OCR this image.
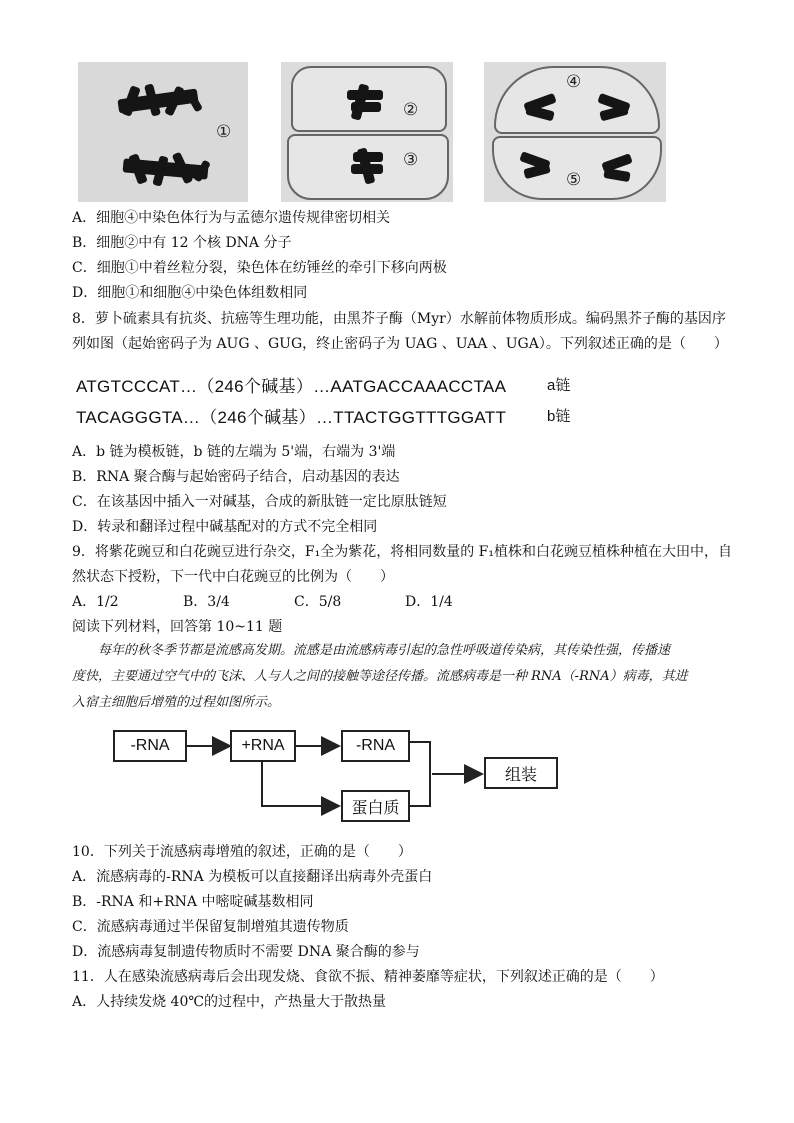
①
②
③
④
⑤
A．细胞④中染色体行为与孟德尔遗传规律密切相关
B．细胞②中有 12 个核 DNA 分子
C．细胞①中着丝粒分裂，染色体在纺锤丝的牵引下移向两极
D．细胞①和细胞④中染色体组数相同
8．萝卜硫素具有抗炎、抗癌等生理功能，由黑芥子酶（Myr）水解前体物质形成。编码黑芥子酶的基因序
列如图（起始密码子为 AUG 、GUG，终止密码子为 UAG 、UAA 、UGA）。下列叙述正确的是（　　）
ATGTCCCAT…（246个碱基）…AATGACCAAACCTAA	a链
TACAGGGTA…（246个碱基）…TTACTGGTTTGGATT	b链
A．b 链为模板链，b 链的左端为 5'端，右端为 3'端
B．RNA 聚合酶与起始密码子结合，启动基因的表达
C．在该基因中插入一对碱基，合成的新肽链一定比原肽链短
D．转录和翻译过程中碱基配对的方式不完全相同
9．将紫花豌豆和白花豌豆进行杂交，F₁全为紫花，将相同数量的 F₁植株和白花豌豆植株种植在大田中，自
然状态下授粉，下一代中白花豌豆的比例为（　　）
A．1/2	B．3/4	C．5/8	D．1/4
阅读下列材料，回答第 10~11 题
每年的秋冬季节都是流感高发期。流感是由流感病毒引起的急性呼吸道传染病，其传染性强，传播速
度快，主要通过空气中的飞沫、人与人之间的接触等途径传播。流感病毒是一种 RNA（-RNA）病毒，其进
入宿主细胞后增殖的过程如图所示。
-RNA	+RNA	-RNA
蛋白质
组装
10．下列关于流感病毒增殖的叙述，正确的是（　　）
A．流感病毒的-RNA 为模板可以直接翻译出病毒外壳蛋白
B．-RNA 和+RNA 中嘧啶碱基数相同
C．流感病毒通过半保留复制增殖其遗传物质
D．流感病毒复制遗传物质时不需要 DNA 聚合酶的参与
11．人在感染流感病毒后会出现发烧、食欲不振、精神萎靡等症状，下列叙述正确的是（　　）
A．人持续发烧 40℃的过程中，产热量大于散热量
